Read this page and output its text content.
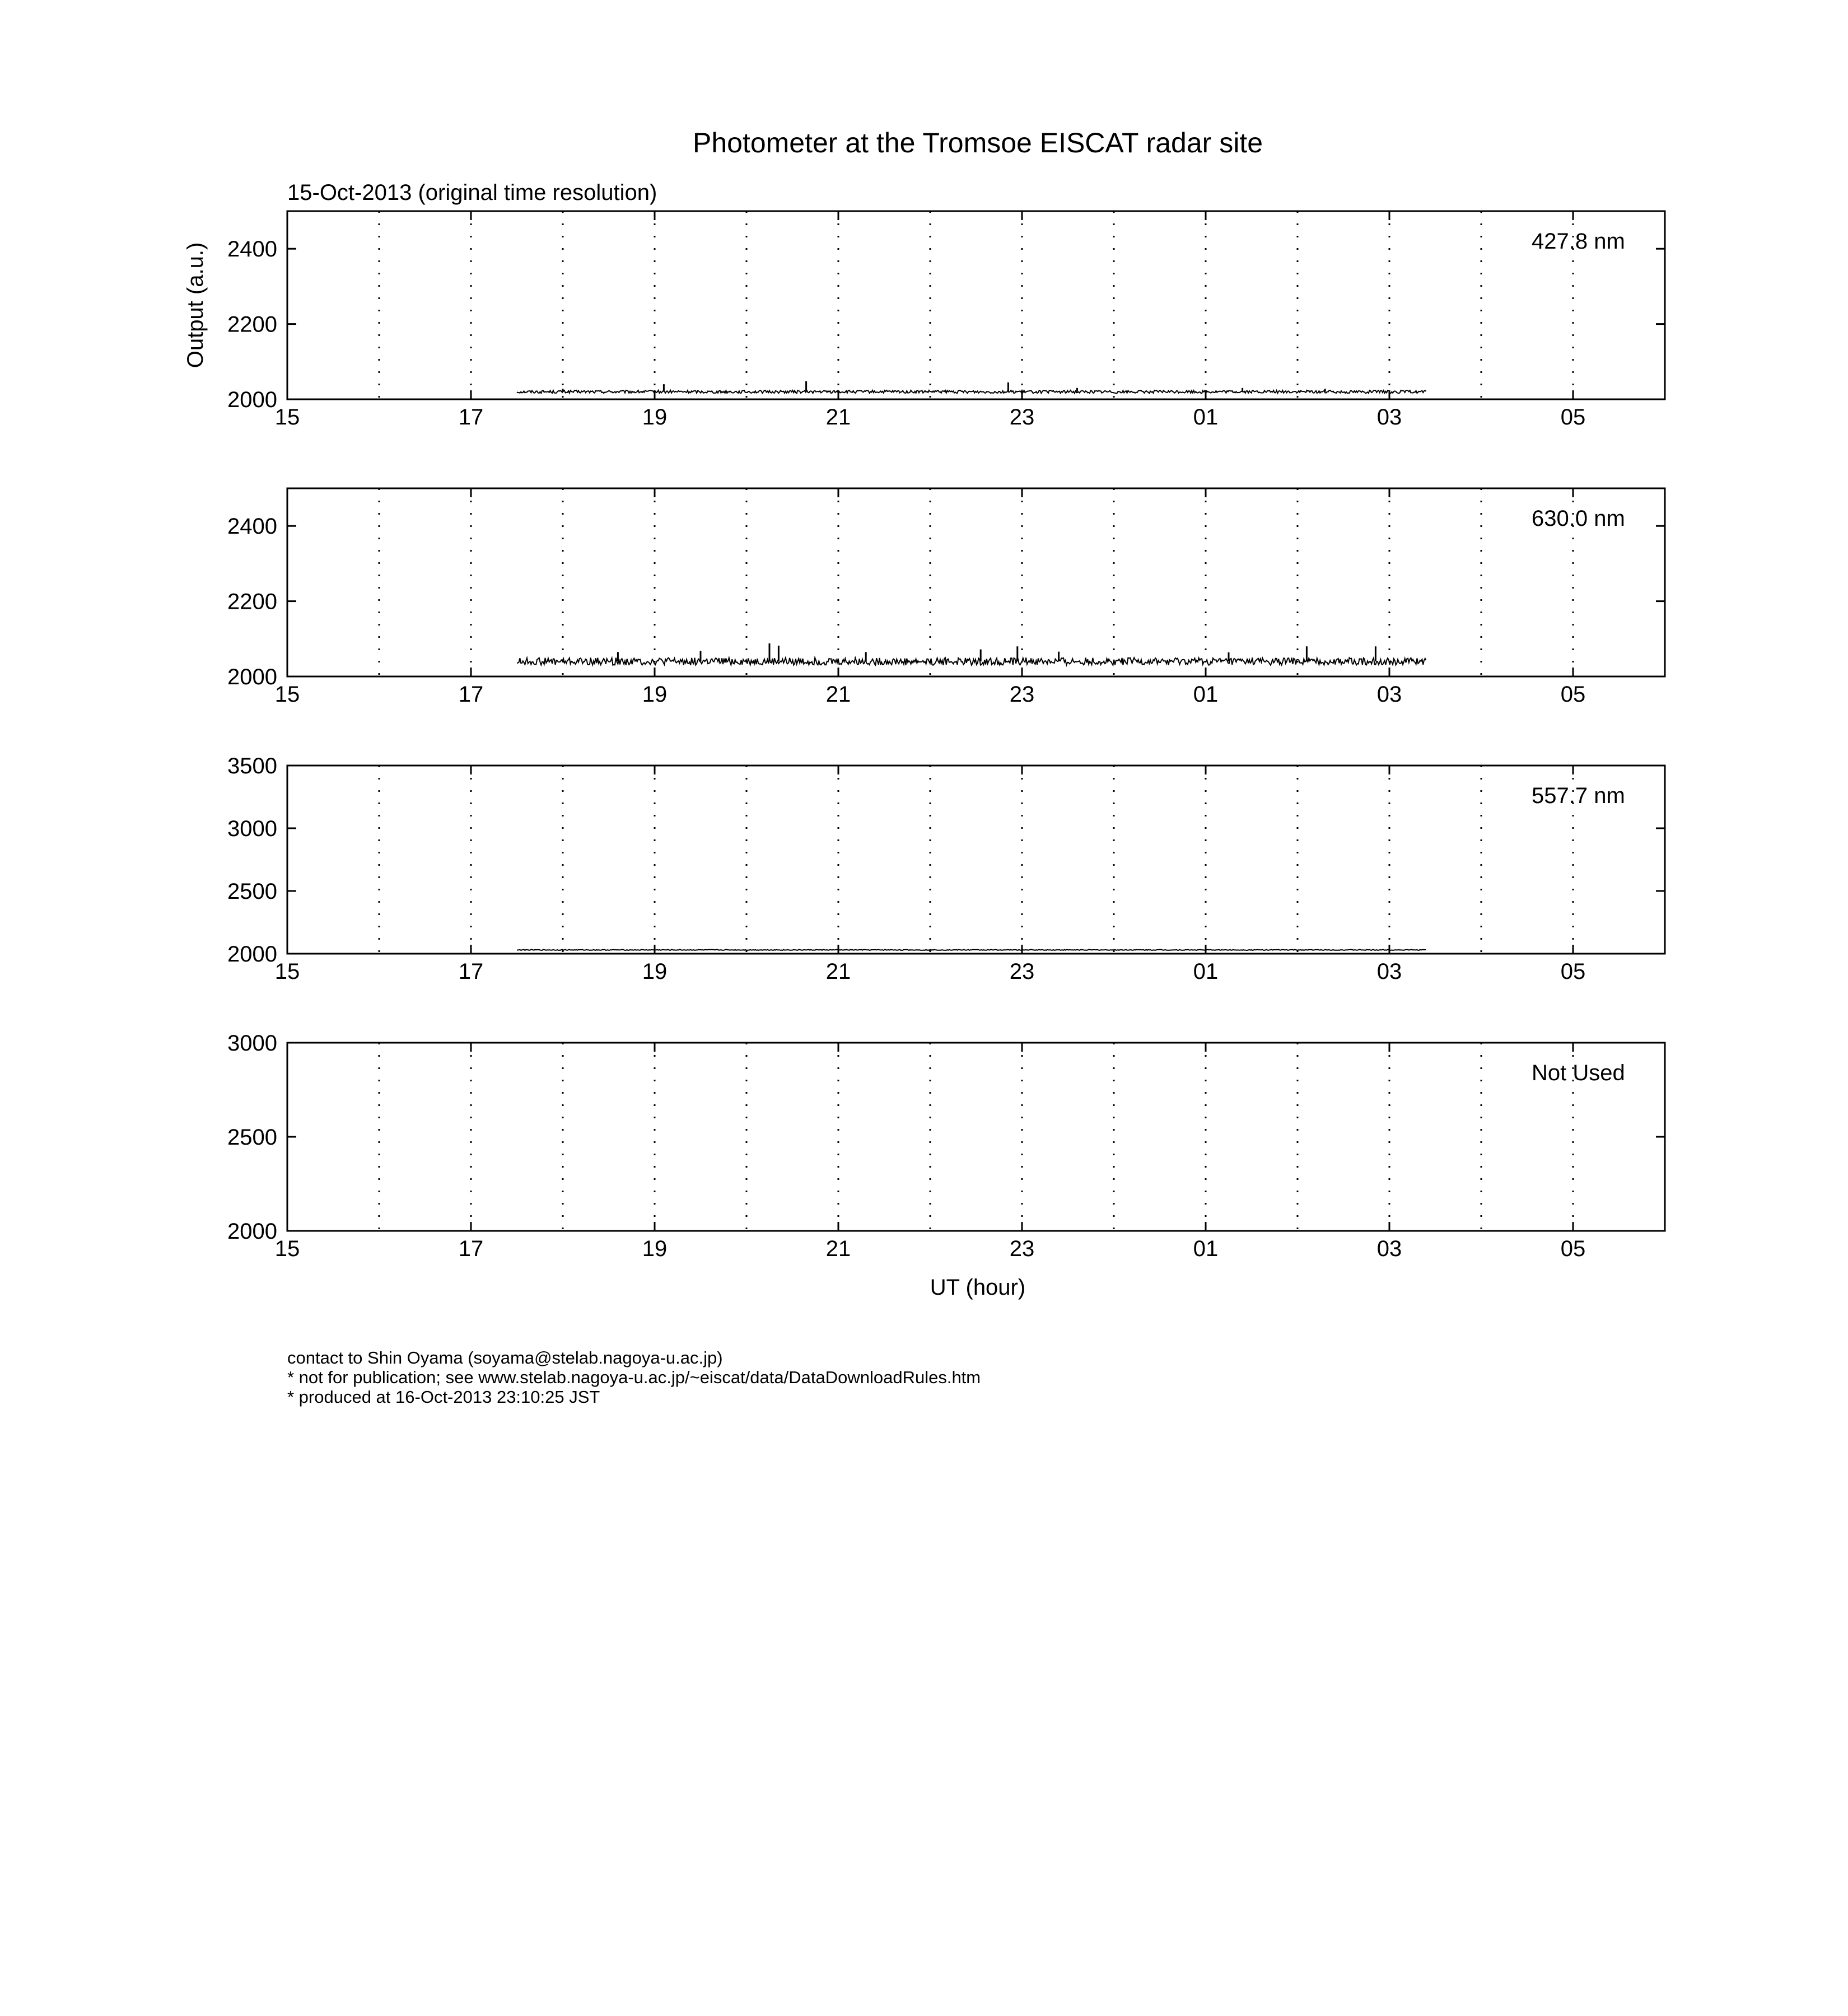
Photometer at the Tromsoe EISCAT radar site
15-Oct-2013 (original time resolution)
Output (a.u.)
UT (hour)
15	17	19	21	23	01	03	05
2000
2200
2400	427.8 nm
15	17	19	21	23	01	03	05
2000
2200
2400	630.0 nm
15	17	19	21	23	01	03	05
2000
2500
3000
3500
557.7 nm
15	17	19	21	23	01	03	05
2000
2500
3000
Not Used
contact to Shin Oyama (soyama@stelab.nagoya-u.ac.jp)
* not for publication; see www.stelab.nagoya-u.ac.jp/~eiscat/data/DataDownloadRules.htm
* produced at 16-Oct-2013 23:10:25 JST
